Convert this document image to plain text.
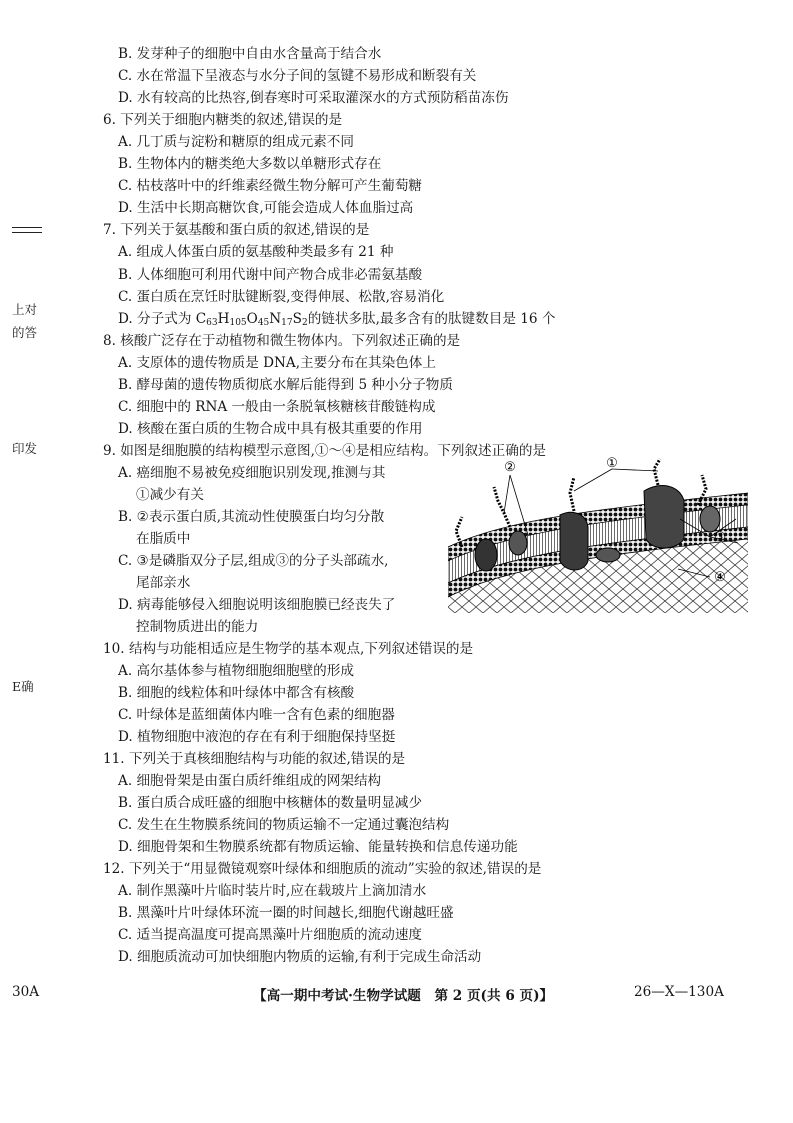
上对
的答
印发
E确
B. 发芽种子的细胞中自由水含量高于结合水
C. 水在常温下呈液态与水分子间的氢键不易形成和断裂有关
D. 水有较高的比热容,倒春寒时可采取灌深水的方式预防稻苗冻伤
6. 下列关于细胞内糖类的叙述,错误的是
A. 几丁质与淀粉和糖原的组成元素不同
B. 生物体内的糖类绝大多数以单糖形式存在
C. 枯枝落叶中的纤维素经微生物分解可产生葡萄糖
D. 生活中长期高糖饮食,可能会造成人体血脂过高
7. 下列关于氨基酸和蛋白质的叙述,错误的是
A. 组成人体蛋白质的氨基酸种类最多有 21 种
B. 人体细胞可利用代谢中间产物合成非必需氨基酸
C. 蛋白质在烹饪时肽键断裂,变得伸展、松散,容易消化
D. 分子式为 $C_{63}H_{105}O_{45}N_{17}S_2$的链状多肽,最多含有的肽键数目是 16 个
8. 核酸广泛存在于动植物和微生物体内。下列叙述正确的是
A. 支原体的遗传物质是 DNA,主要分布在其染色体上
B. 酵母菌的遗传物质彻底水解后能得到 5 种小分子物质
C. 细胞中的 RNA 一般由一条脱氧核糖核苷酸链构成
D. 核酸在蛋白质的生物合成中具有极其重要的作用
9. 如图是细胞膜的结构模型示意图,①～④是相应结构。下列叙述正确的是
A. 癌细胞不易被免疫细胞识别发现,推测与其
①减少有关
B. ②表示蛋白质,其流动性使膜蛋白均匀分散
在脂质中
C. ③是磷脂双分子层,组成③的分子头部疏水,
尾部亲水
D. 病毒能够侵入细胞说明该细胞膜已经丧失了
控制物质进出的能力
②	①
③
④
10. 结构与功能相适应是生物学的基本观点,下列叙述错误的是
A. 高尔基体参与植物细胞细胞壁的形成
B. 细胞的线粒体和叶绿体中都含有核酸
C. 叶绿体是蓝细菌体内唯一含有色素的细胞器
D. 植物细胞中液泡的存在有利于细胞保持坚挺
11. 下列关于真核细胞结构与功能的叙述,错误的是
A. 细胞骨架是由蛋白质纤维组成的网架结构
B. 蛋白质合成旺盛的细胞中核糖体的数量明显减少
C. 发生在生物膜系统间的物质运输不一定通过囊泡结构
D. 细胞骨架和生物膜系统都有物质运输、能量转换和信息传递功能
12. 下列关于“用显微镜观察叶绿体和细胞质的流动”实验的叙述,错误的是
A. 制作黑藻叶片临时装片时,应在载玻片上滴加清水
B. 黑藻叶片叶绿体环流一圈的时间越长,细胞代谢越旺盛
C. 适当提高温度可提高黑藻叶片细胞质的流动速度
D. 细胞质流动可加快细胞内物质的运输,有利于完成生命活动
30A	【高一期中考试·生物学试题　第 2 页(共 6 页)】	26—X—130A
